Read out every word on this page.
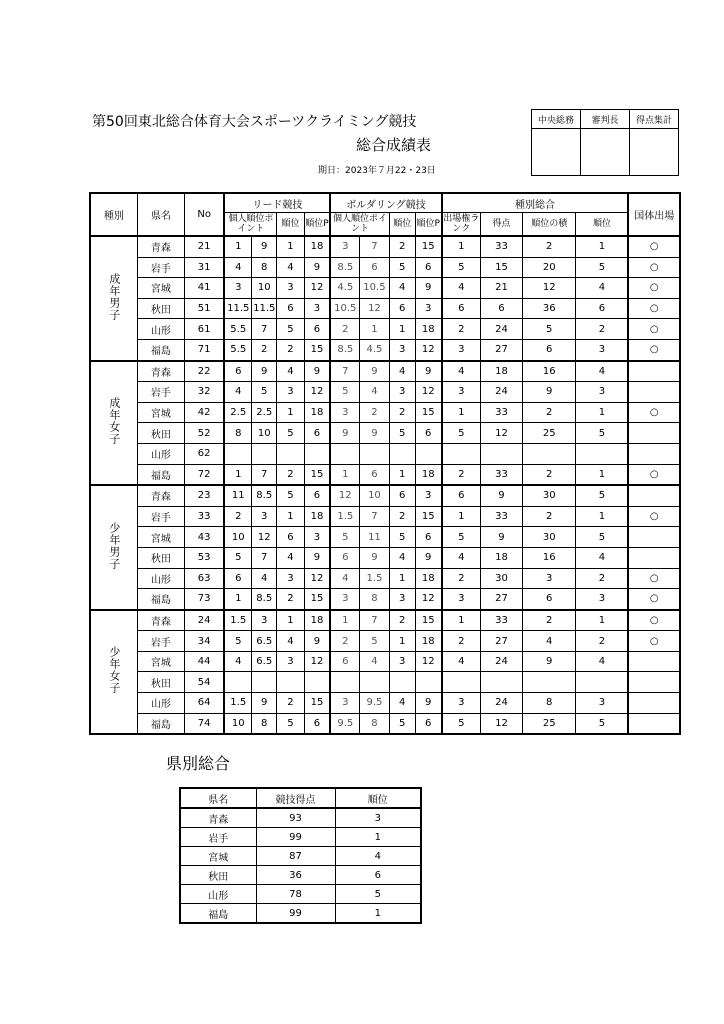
第50回東北総合体育大会スポーツクライミング競技
総合成績表
期日：2023年７月22・23日
中央総務	審判長	得点集計

種別	県名	No	リード競技				ボルダリング競技				種別総合				国体出場
			個人順位ポイント		順位	順位P	個人順位ポイント		順位	順位P	出場権ランク	得点	順位の積	順位	
成年男子	青森	21	1	9	1	18	3	7	2	15	1	33	2	1	○
	岩手	31	4	8	4	9	8.5	6	5	6	5	15	20	5	○
	宮城	41	3	10	3	12	4.5	10.5	4	9	4	21	12	4	○
	秋田	51	11.5	11.5	6	3	10.5	12	6	3	6	6	36	6	○
	山形	61	5.5	7	5	6	2	1	1	18	2	24	5	2	○
	福島	71	5.5	2	2	15	8.5	4.5	3	12	3	27	6	3	○
成年女子	青森	22	6	9	4	9	7	9	4	9	4	18	16	4	
	岩手	32	4	5	3	12	5	4	3	12	3	24	9	3	
	宮城	42	2.5	2.5	1	18	3	2	2	15	1	33	2	1	○
	秋田	52	8	10	5	6	9	9	5	6	5	12	25	5	
	山形	62													
	福島	72	1	7	2	15	1	6	1	18	2	33	2	1	○
少年男子	青森	23	11	8.5	5	6	12	10	6	3	6	9	30	5	
	岩手	33	2	3	1	18	1.5	7	2	15	1	33	2	1	○
	宮城	43	10	12	6	3	5	11	5	6	5	9	30	5	
	秋田	53	5	7	4	9	6	9	4	9	4	18	16	4	
	山形	63	6	4	3	12	4	1.5	1	18	2	30	3	2	○
	福島	73	1	8.5	2	15	3	8	3	12	3	27	6	3	○
少年女子	青森	24	1.5	3	1	18	1	7	2	15	1	33	2	1	○
	岩手	34	5	6.5	4	9	2	5	1	18	2	27	4	2	○
	宮城	44	4	6.5	3	12	6	4	3	12	4	24	9	4	
	秋田	54													
	山形	64	1.5	9	2	15	3	9.5	4	9	3	24	8	3	
	福島	74	10	8	5	6	9.5	8	5	6	5	12	25	5	
県別総合
県名	競技得点	順位
青森	93	3
岩手	99	1
宮城	87	4
秋田	36	6
山形	78	5
福島	99	1
